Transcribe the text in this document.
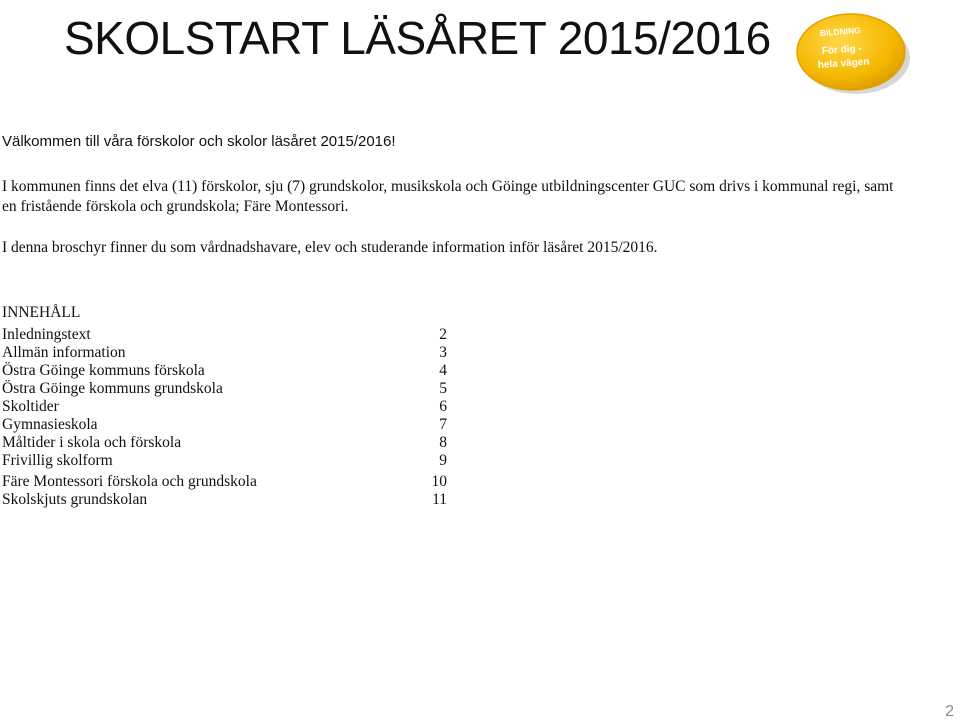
SKOLSTART LÄSÅRET 2015/2016	BILDNING
För dig -
hela vägen
Välkommen till våra förskolor och skolor läsåret 2015/2016!
I kommunen finns det elva (11) förskolor, sju (7) grundskolor, musikskola och Göinge utbildningscenter GUC som drivs i kommunal regi, samt
en fristående förskola och grundskola; Färe Montessori.
I denna broschyr finner du som vårdnadshavare, elev och studerande information inför läsåret 2015/2016.
INNEHÅLL
Inledningstext	2
Allmän information	3
Östra Göinge kommuns förskola	4
Östra Göinge kommuns grundskola	5
Skoltider	6
Gymnasieskola	7
Måltider i skola och förskola	8
Frivillig skolform	9
Färe Montessori förskola och grundskola	10
Skolskjuts grundskolan	11
2
